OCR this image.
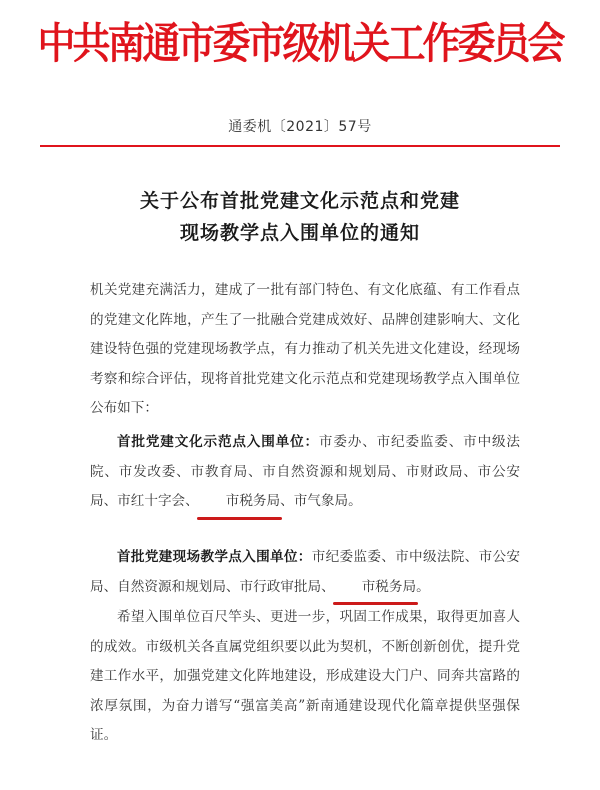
中共南通市委市级机关工作委员会
通委机〔2021〕57号
关于公布首批党建文化示范点和党建
现场教学点入围单位的通知

机关党建充满活力，建成了一批有部门特色、有文化底蕴、有工作看点的党建文化阵地，产生了一批融合党建成效好、品牌创建影响大、文化建设特色强的党建现场教学点，有力推动了机关先进文化建设，经现场考察和综合评估，现将首批党建文化示范点和党建现场教学点入围单位公布如下：

首批党建文化示范点入围单位：市委办、市纪委监委、市中级法院、市发改委、市教育局、市自然资源和规划局、市财政局、市公安局、市红十字会、 市税务局、市气象局。

首批党建现场教学点入围单位：市纪委监委、市中级法院、市公安局、自然资源和规划局、市行政审批局、 市税务局。

希望入围单位百尺竿头、更进一步，巩固工作成果，取得更加喜人的成效。市级机关各直属党组织要以此为契机，不断创新创优，提升党建工作水平，加强党建文化阵地建设，形成建设大门户、同奔共富路的浓厚氛围，为奋力谱写“强富美高”新南通建设现代化篇章提供坚强保证。
